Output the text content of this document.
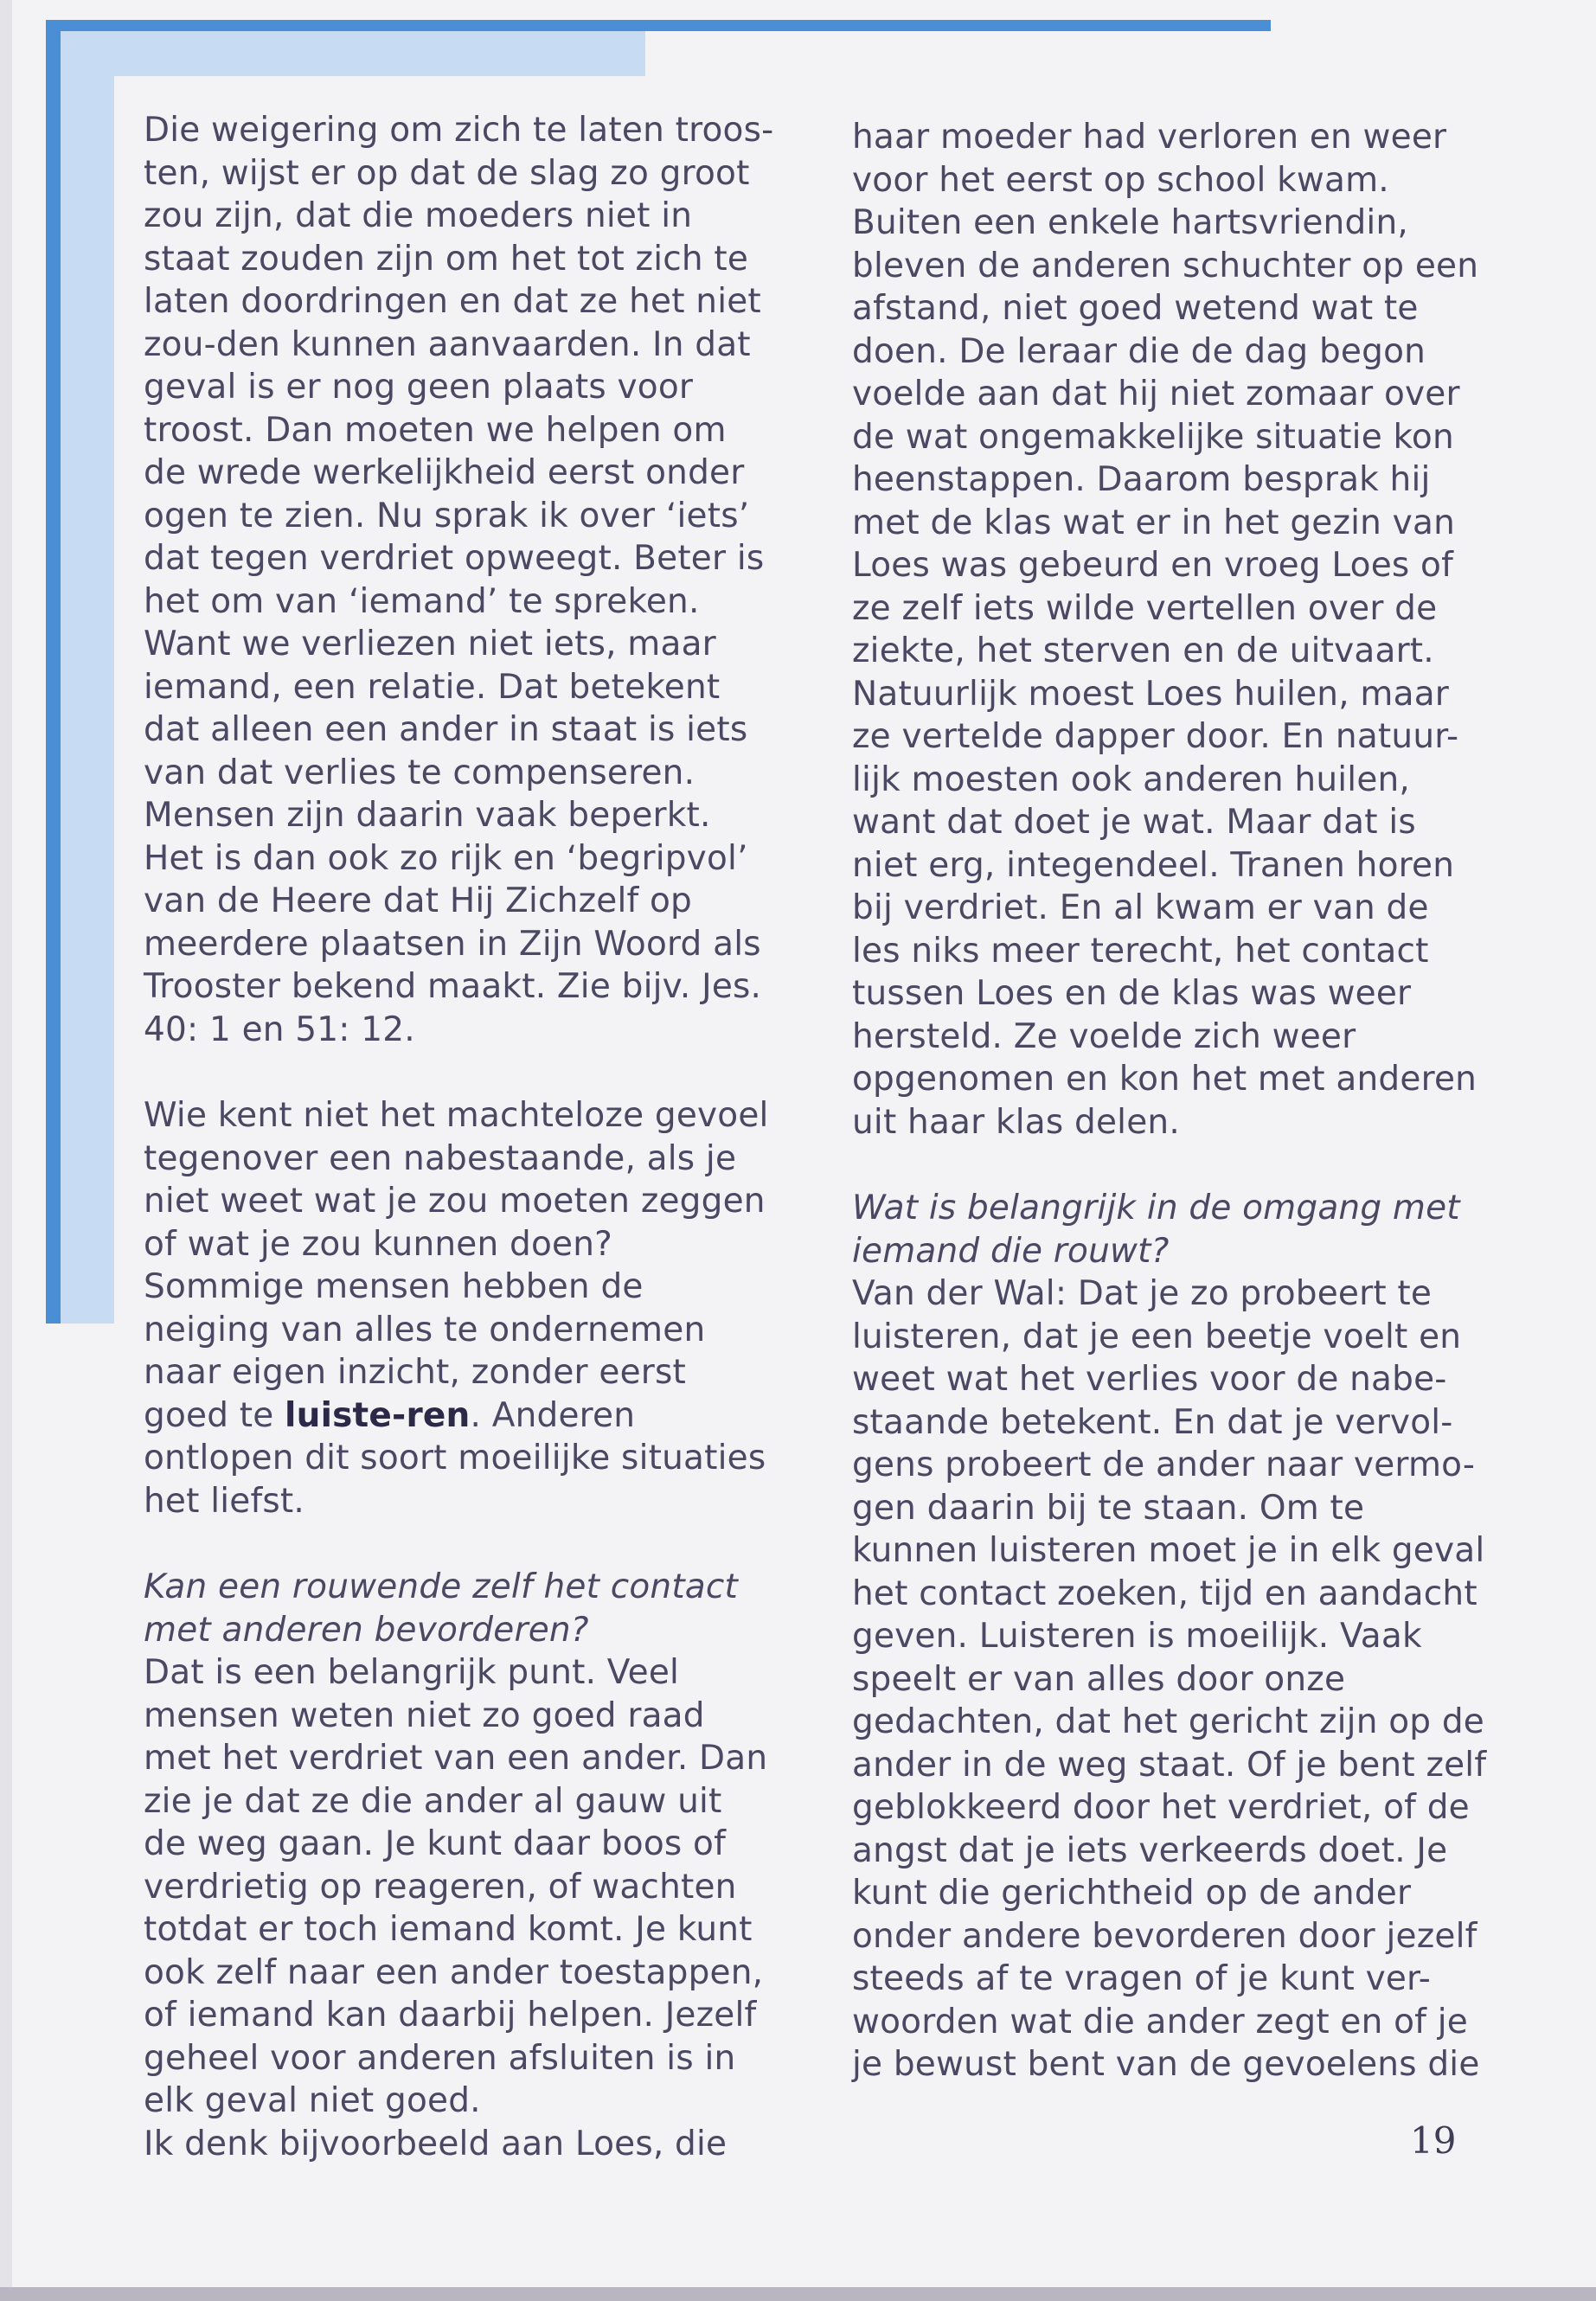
Die weigering om zich te laten troos-ten, wijst er op dat de slag zo groot zou zijn, dat die moeders niet in staat zouden zijn om het tot zich te laten doordringen en dat ze het niet zou-den kunnen aanvaarden. In dat geval is er nog geen plaats voor troost. Dan moeten we helpen om de wrede werkelijkheid eerst onder ogen te zien. Nu sprak ik over ‘iets’ dat tegen verdriet opweegt. Beter is het om van ‘iemand’ te spreken. Want we verliezen niet iets, maar iemand, een relatie. Dat betekent dat alleen een ander in staat is iets van dat verlies te compenseren. Mensen zijn daarin vaak beperkt. Het is dan ook zo rijk en ‘begripvol’ van de Heere dat Hij Zichzelf op meerdere plaatsen in Zijn Woord als Trooster bekend maakt. Zie bijv. Jes. 40: 1 en 51: 12.

Wie kent niet het machteloze gevoel tegenover een nabestaande, als je niet weet wat je zou moeten zeggen of wat je zou kunnen doen? Sommige mensen hebben de neiging van alles te ondernemen naar eigen inzicht, zonder eerst goed te luiste-ren. Anderen ontlopen dit soort moeilijke situaties het liefst.

Kan een rouwende zelf het contact met anderen bevorderen?

Dat is een belangrijk punt. Veel mensen weten niet zo goed raad met het verdriet van een ander. Dan zie je dat ze die ander al gauw uit de weg gaan. Je kunt daar boos of verdrietig op reageren, of wachten totdat er toch iemand komt. Je kunt ook zelf naar een ander toestappen, of iemand kan daarbij helpen. Jezelf geheel voor anderen afsluiten is in elk geval niet goed.

Ik denk bijvoorbeeld aan Loes, die

haar moeder had verloren en weer voor het eerst op school kwam. Buiten een enkele hartsvriendin, bleven de anderen schuchter op een afstand, niet goed wetend wat te doen. De leraar die de dag begon voelde aan dat hij niet zomaar over de wat ongemakkelijke situatie kon heenstappen. Daarom besprak hij met de klas wat er in het gezin van Loes was gebeurd en vroeg Loes of ze zelf iets wilde vertellen over de ziekte, het sterven en de uitvaart. Natuurlijk moest Loes huilen, maar ze vertelde dapper door. En natuur-lijk moesten ook anderen huilen, want dat doet je wat. Maar dat is niet erg, integendeel. Tranen horen bij verdriet. En al kwam er van de les niks meer terecht, het contact tussen Loes en de klas was weer hersteld. Ze voelde zich weer opgenomen en kon het met anderen uit haar klas delen.

Wat is belangrijk in de omgang met iemand die rouwt?

Van der Wal: Dat je zo probeert te luisteren, dat je een beetje voelt en weet wat het verlies voor de nabe-staande betekent. En dat je vervol-gens probeert de ander naar vermo-gen daarin bij te staan. Om te kunnen luisteren moet je in elk geval het contact zoeken, tijd en aandacht geven. Luisteren is moeilijk. Vaak speelt er van alles door onze gedachten, dat het gericht zijn op de ander in de weg staat. Of je bent zelf geblokkeerd door het verdriet, of de angst dat je iets verkeerds doet. Je kunt die gerichtheid op de ander onder andere bevorderen door jezelf steeds af te vragen of je kunt ver-woorden wat die ander zegt en of je je bewust bent van de gevoelens die

19
